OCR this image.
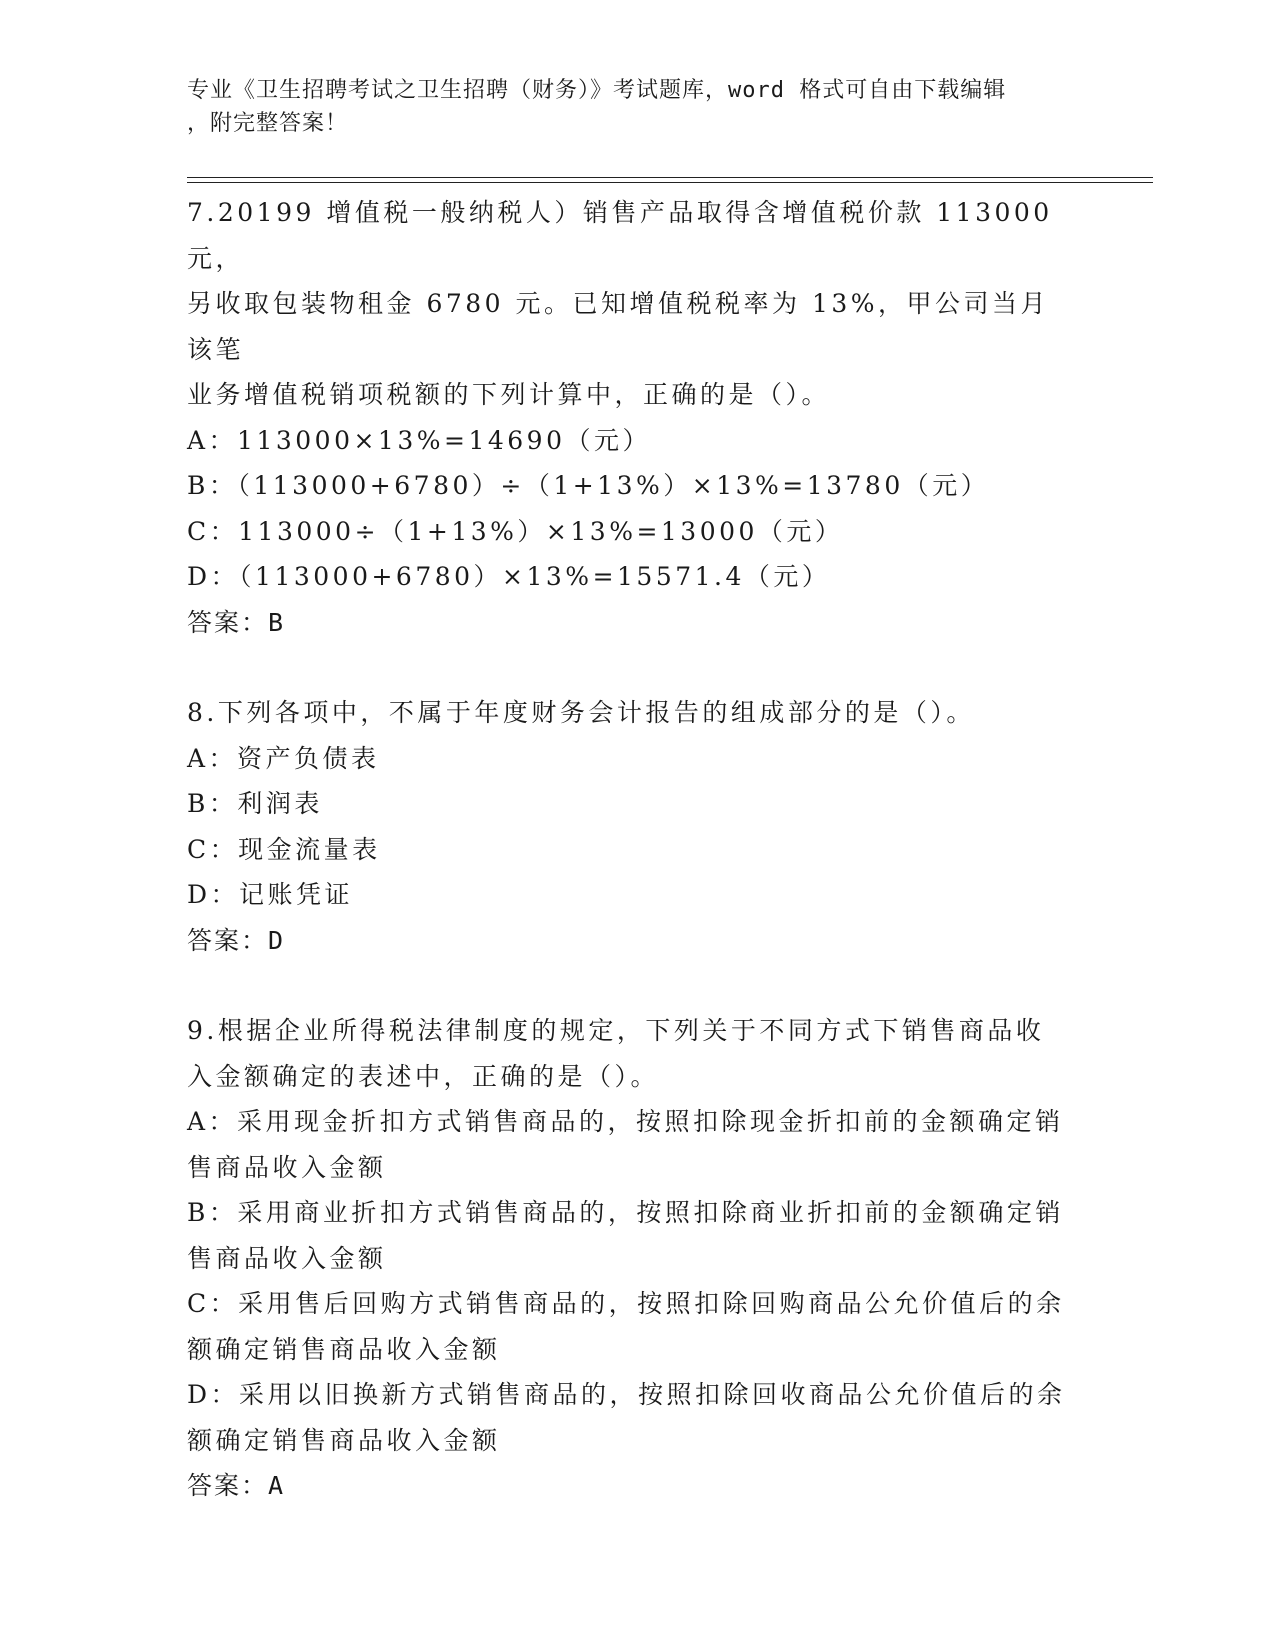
专业《卫生招聘考试之卫生招聘（财务）》考试题库，word 格式可自由下载编辑
，附完整答案！
7.20199 增值税一般纳税人）销售产品取得含增值税价款 113000 元，
另收取包装物租金 6780 元。已知增值税税率为 13%，甲公司当月该笔
业务增值税销项税额的下列计算中，正确的是（）。
A：113000×13%=14690（元）
B：（113000+6780）÷（1+13%）×13%=13780（元）
C：113000÷（1+13%）×13%=13000（元）
D：（113000+6780）×13%=15571.4（元）
答案：B
8.下列各项中，不属于年度财务会计报告的组成部分的是（）。
A：资产负债表
B：利润表
C：现金流量表
D：记账凭证
答案：D
9.根据企业所得税法律制度的规定，下列关于不同方式下销售商品收
入金额确定的表述中，正确的是（）。
A：采用现金折扣方式销售商品的，按照扣除现金折扣前的金额确定销
售商品收入金额
B：采用商业折扣方式销售商品的，按照扣除商业折扣前的金额确定销
售商品收入金额
C：采用售后回购方式销售商品的，按照扣除回购商品公允价值后的余
额确定销售商品收入金额
D：采用以旧换新方式销售商品的，按照扣除回收商品公允价值后的余
额确定销售商品收入金额
答案：A
